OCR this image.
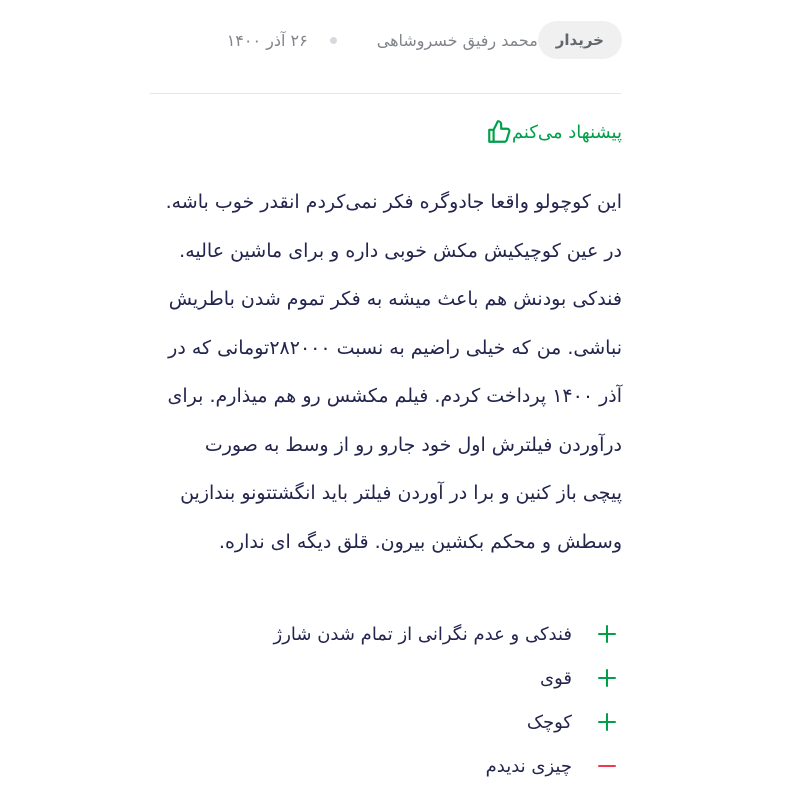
۲۶ آذر ۱۴۰۰	محمد رفیق خسروشاهی	خریدار
پیشنهاد می‌کنم

این کوچولو واقعا جادوگره فکر نمی‌کردم انقدر خوب باشه. در عین کوچیکیش مکش خوبی داره و برای ماشین عالیه. فندکی بودنش هم باعث میشه به فکر تموم شدن باطریش نباشی. من که خیلی راضیم به نسبت ۲۸۲۰۰۰تومانی که در آذر ۱۴۰۰ پرداخت کردم. فیلم مکشس رو هم میذارم. برای درآوردن فیلترش اول خود جارو رو از وسط به صورت پیچی باز کنین و برا در آوردن فیلتر باید انگشتتونو بندازین وسطش و محکم بکشین بیرون. قلق دیگه ای نداره.

فندکی و عدم نگرانی از تمام شدن شارژ
قوی
کوچک
چیزی ندیدم
